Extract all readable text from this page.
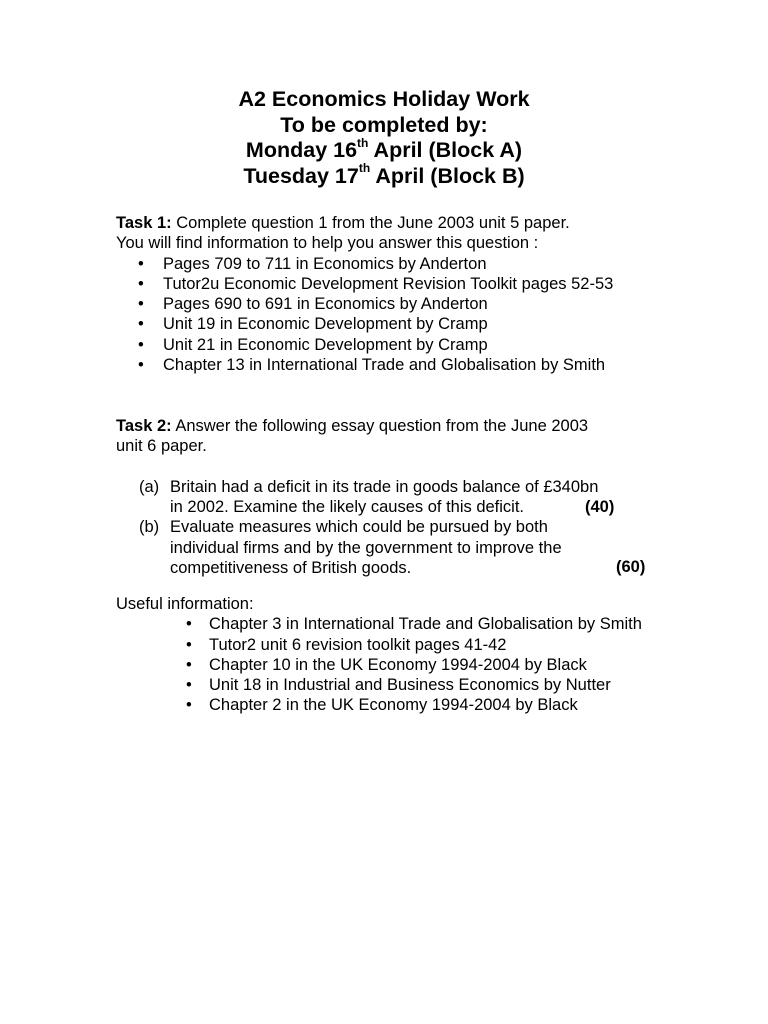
A2 Economics Holiday Work
To be completed by:
Monday 16th April (Block A)
Tuesday 17th April (Block B)
Task 1: Complete question 1 from the June 2003 unit 5 paper.
You will find information to help you answer this question :
• Pages 709 to 711 in Economics by Anderton
• Tutor2u Economic Development Revision Toolkit pages 52-53
• Pages 690 to 691 in Economics by Anderton
• Unit 19 in Economic Development by Cramp
• Unit 21 in Economic Development by Cramp
• Chapter 13 in International Trade and Globalisation by Smith
Task 2: Answer the following essay question from the June 2003
unit 6 paper.

(a) Britain had a deficit in its trade in goods balance of £340bn
in 2002. Examine the likely causes of this deficit.	(40)
(b) Evaluate measures which could be pursued by both
individual firms and by the government to improve the
competitiveness of British goods.	(60)
Useful information:
• Chapter 3 in International Trade and Globalisation by Smith
• Tutor2 unit 6 revision toolkit pages 41-42
• Chapter 10 in the UK Economy 1994-2004 by Black
• Unit 18 in Industrial and Business Economics by Nutter
• Chapter 2 in the UK Economy 1994-2004 by Black
